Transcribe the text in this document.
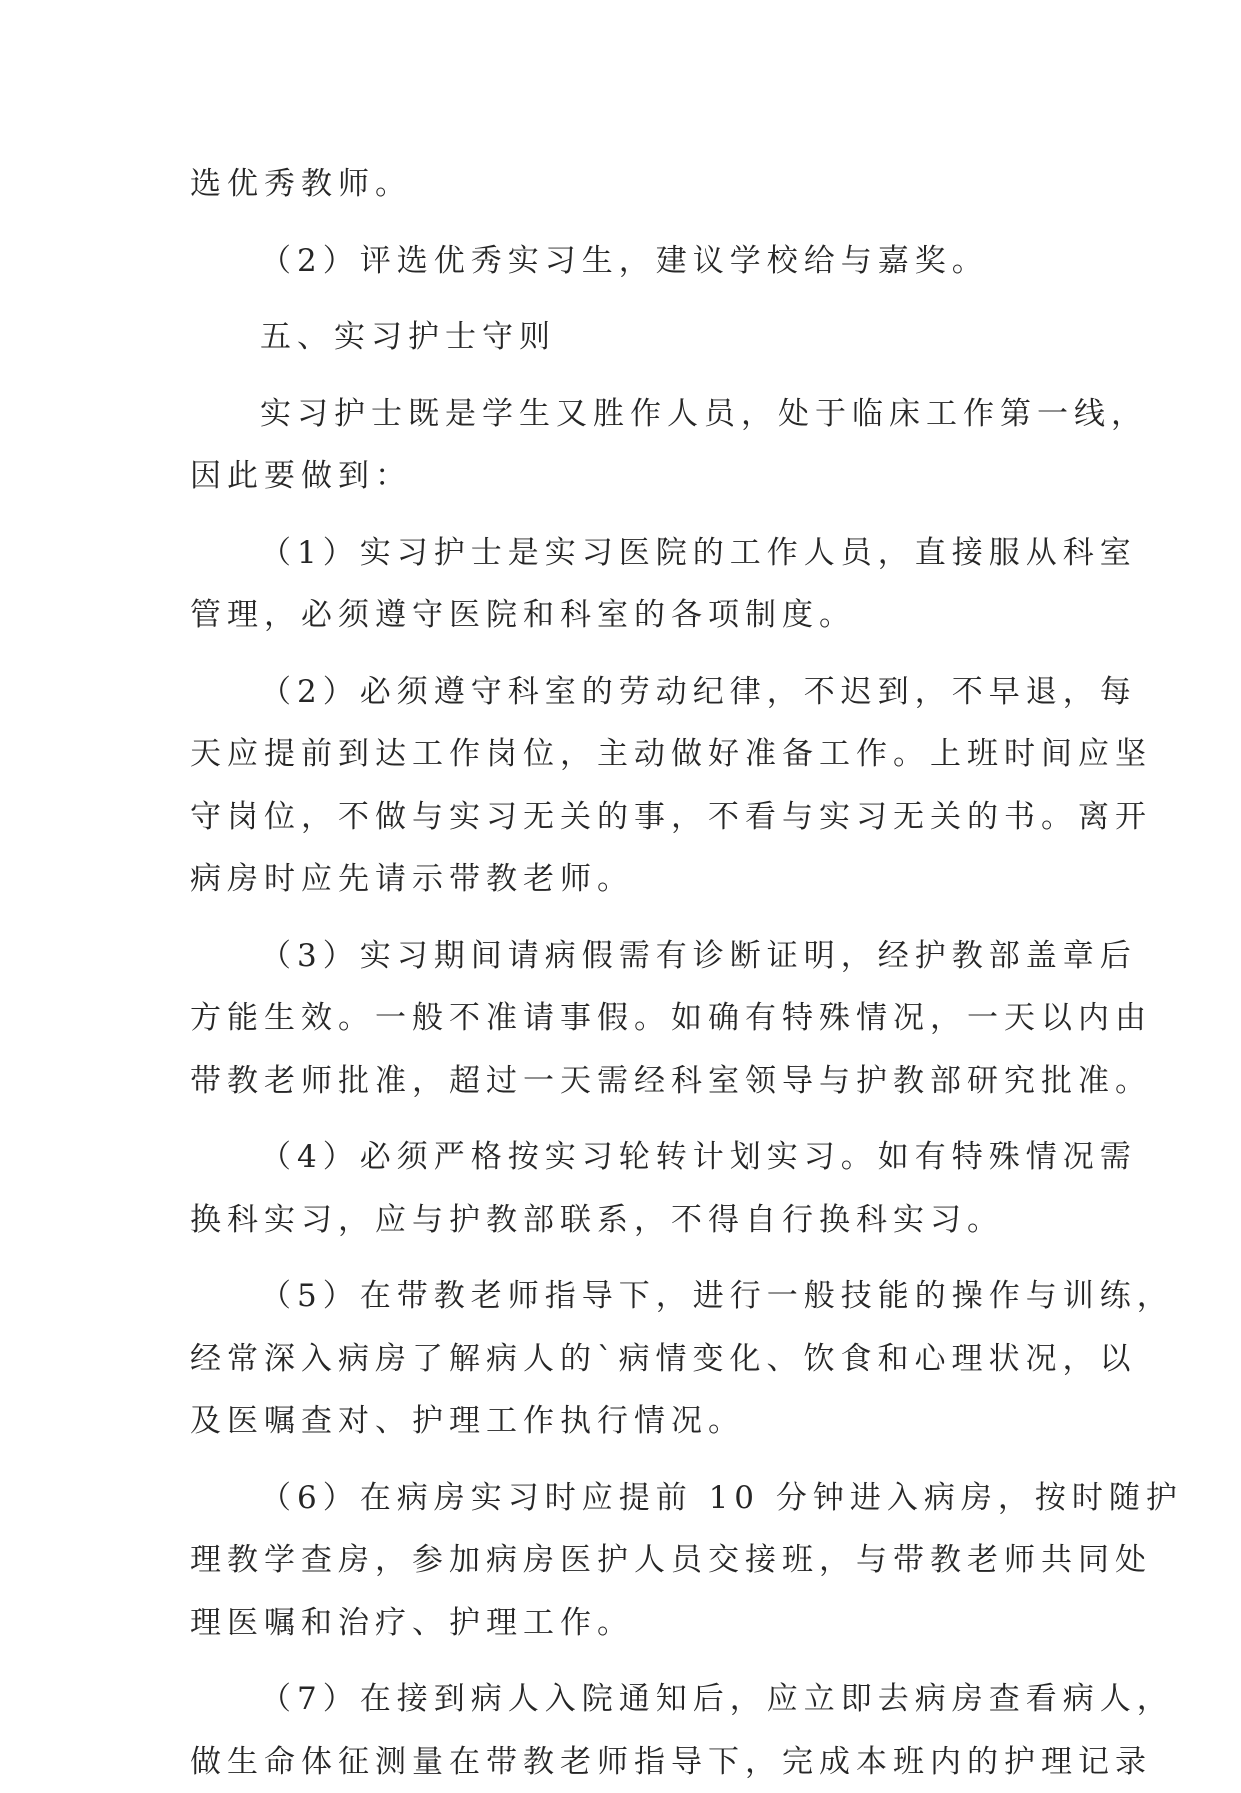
选优秀教师。
（2）评选优秀实习生，建议学校给与嘉奖。
五、实习护士守则
实习护士既是学生又胜作人员，处于临床工作第一线，
因此要做到：
（1）实习护士是实习医院的工作人员，直接服从科室
管理，必须遵守医院和科室的各项制度。
（2）必须遵守科室的劳动纪律，不迟到，不早退，每
天应提前到达工作岗位，主动做好准备工作。上班时间应坚
守岗位，不做与实习无关的事，不看与实习无关的书。离开
病房时应先请示带教老师。
（3）实习期间请病假需有诊断证明，经护教部盖章后
方能生效。一般不准请事假。如确有特殊情况，一天以内由
带教老师批准，超过一天需经科室领导与护教部研究批准。
（4）必须严格按实习轮转计划实习。如有特殊情况需
换科实习，应与护教部联系，不得自行换科实习。
（5）在带教老师指导下，进行一般技能的操作与训练，
经常深入病房了解病人的`病情变化、饮食和心理状况，以
及医嘱查对、护理工作执行情况。
（6）在病房实习时应提前 10 分钟进入病房，按时随护
理教学查房，参加病房医护人员交接班，与带教老师共同处
理医嘱和治疗、护理工作。
（7）在接到病人入院通知后，应立即去病房查看病人，
做生命体征测量在带教老师指导下，完成本班内的护理记录
